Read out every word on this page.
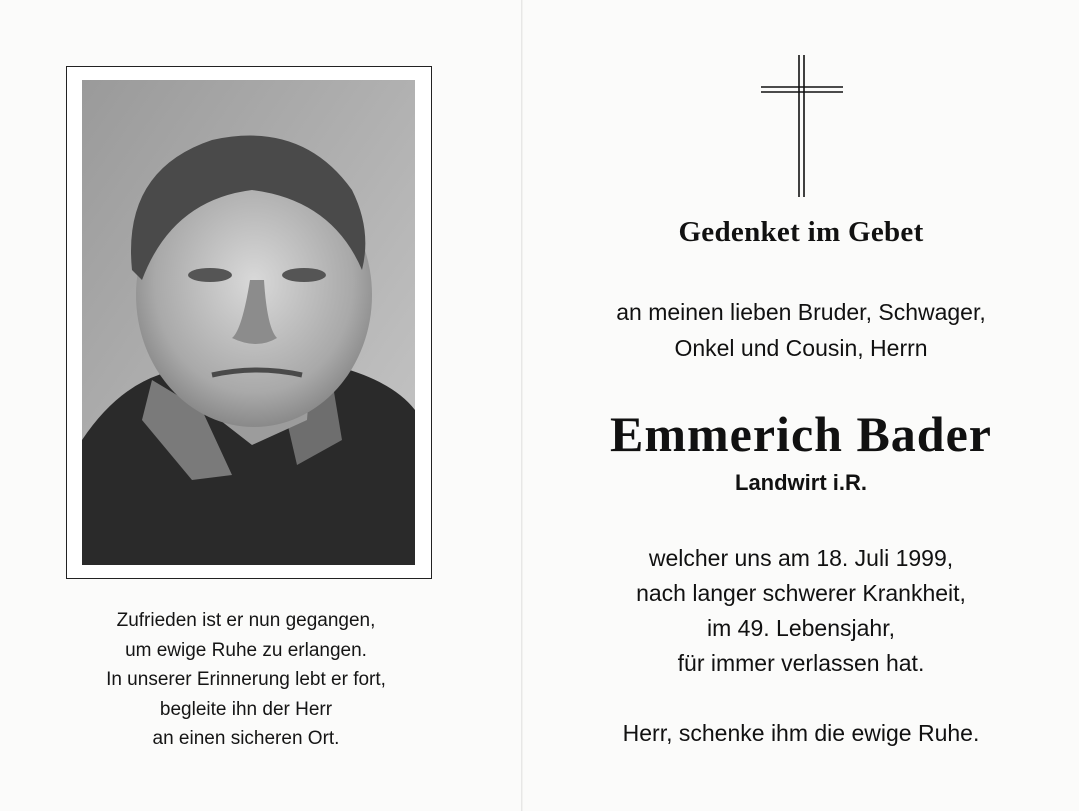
Zufrieden ist er nun gegangen,
um ewige Ruhe zu erlangen.
In unserer Erinnerung lebt er fort,
begleite ihn der Herr
an einen sicheren Ort.
Gedenket im Gebet
an meinen lieben Bruder, Schwager,
Onkel und Cousin, Herrn
Emmerich Bader
Landwirt i.R.
welcher uns am 18. Juli 1999,
nach langer schwerer Krankheit,
im 49. Lebensjahr,
für immer verlassen hat.
Herr, schenke ihm die ewige Ruhe.
